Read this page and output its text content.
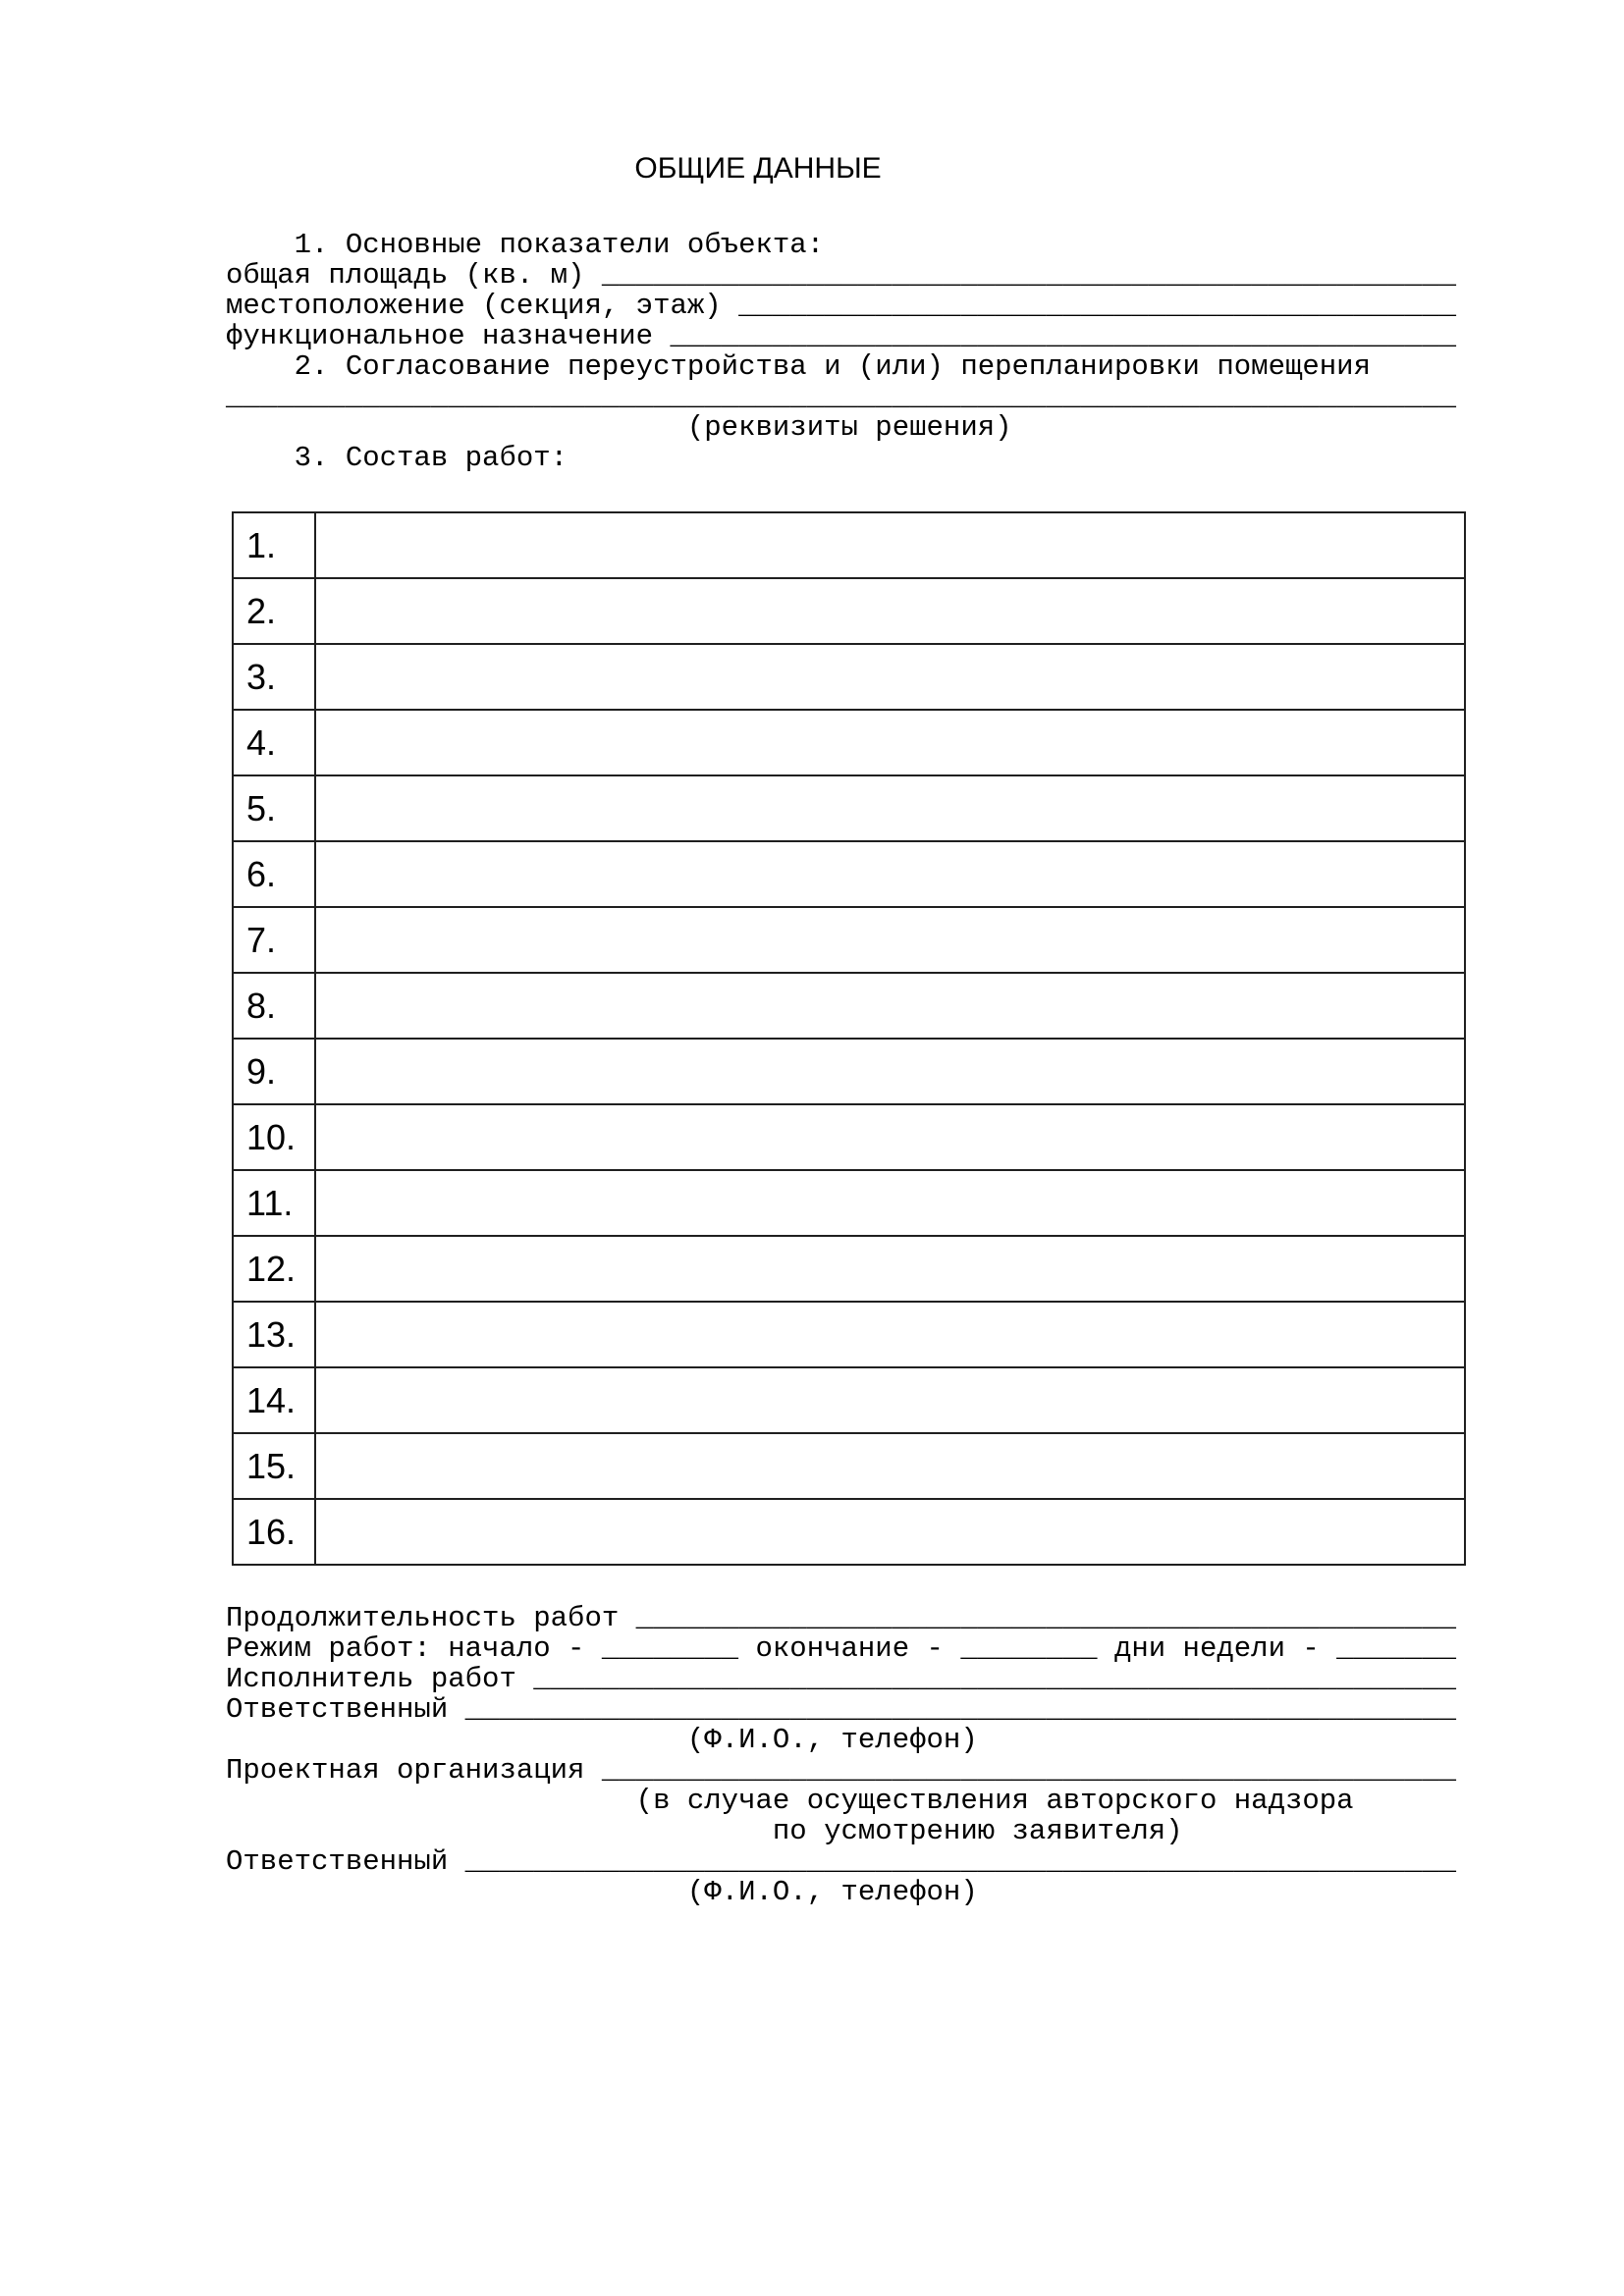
ОБЩИЕ ДАННЫЕ
1. Основные показатели объекта:
общая площадь (кв. м) __________________________________________________
местоположение (секция, этаж) __________________________________________
функциональное назначение ______________________________________________
2. Согласование переустройства и (или) перепланировки помещения
________________________________________________________________________
(реквизиты решения)
3. Состав работ:
1.	
2.	
3.	
4.	
5.	
6.	
7.	
8.	
9.	
10.	
11.	
12.	
13.	
14.	
15.	
16.	
Продолжительность работ ________________________________________________
Режим работ: начало - ________ окончание - ________ дни недели - _______
Исполнитель работ ______________________________________________________
Ответственный __________________________________________________________
(Ф.И.О., телефон)
Проектная организация __________________________________________________
(в случае осуществления авторского надзора
по усмотрению заявителя)
Ответственный __________________________________________________________
(Ф.И.О., телефон)
